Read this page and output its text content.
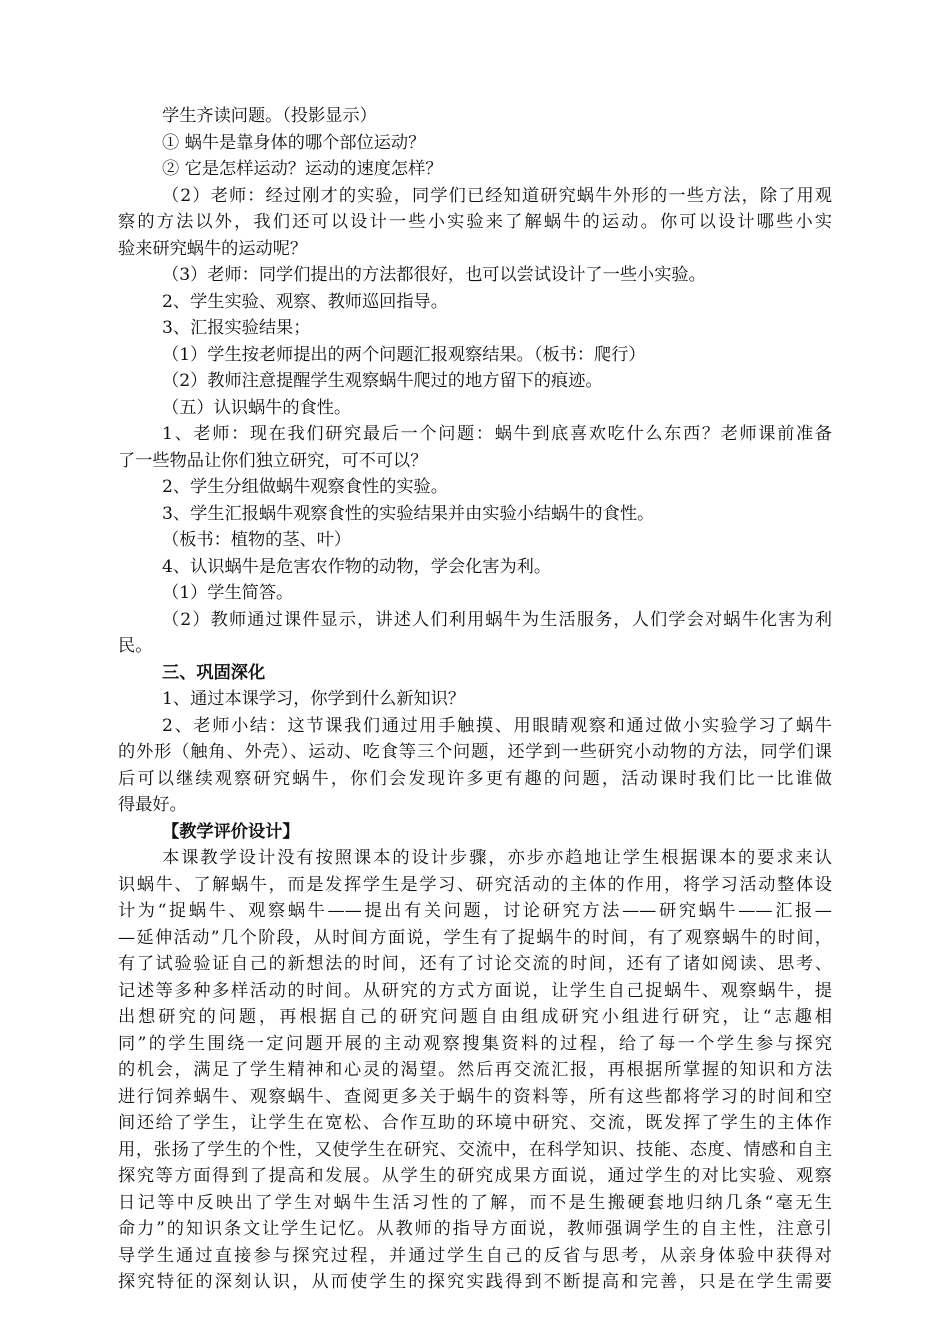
学生齐读问题。（投影显示）
① 蜗牛是靠身体的哪个部位运动？
② 它是怎样运动？运动的速度怎样？
（2）老师：经过刚才的实验，同学们已经知道研究蜗牛外形的一些方法，除了用观
察的方法以外，我们还可以设计一些小实验来了解蜗牛的运动。你可以设计哪些小实
验来研究蜗牛的运动呢？
（3）老师：同学们提出的方法都很好，也可以尝试设计了一些小实验。
2、学生实验、观察、教师巡回指导。
3、汇报实验结果；
（1）学生按老师提出的两个问题汇报观察结果。（板书：爬行）
（2）教师注意提醒学生观察蜗牛爬过的地方留下的痕迹。
（五）认识蜗牛的食性。
1、老师：现在我们研究最后一个问题：蜗牛到底喜欢吃什么东西？老师课前准备
了一些物品让你们独立研究，可不可以？
2、学生分组做蜗牛观察食性的实验。
3、学生汇报蜗牛观察食性的实验结果并由实验小结蜗牛的食性。
（板书：植物的茎、叶）
4、认识蜗牛是危害农作物的动物，学会化害为利。
（1）学生简答。
（2）教师通过课件显示，讲述人们利用蜗牛为生活服务，人们学会对蜗牛化害为利
民。
三、巩固深化
1、通过本课学习，你学到什么新知识？
2、老师小结：这节课我们通过用手触摸、用眼睛观察和通过做小实验学习了蜗牛
的外形（触角、外壳）、运动、吃食等三个问题，还学到一些研究小动物的方法，同学们课
后可以继续观察研究蜗牛，你们会发现许多更有趣的问题，活动课时我们比一比谁做
得最好。
【教学评价设计】
本课教学设计没有按照课本的设计步骤，亦步亦趋地让学生根据课本的要求来认
识蜗牛、了解蜗牛，而是发挥学生是学习、研究活动的主体的作用，将学习活动整体设
计为“捉蜗牛、观察蜗牛——提出有关问题，讨论研究方法——研究蜗牛——汇报—
—延伸活动”几个阶段，从时间方面说，学生有了捉蜗牛的时间，有了观察蜗牛的时间，
有了试验验证自己的新想法的时间，还有了讨论交流的时间，还有了诸如阅读、思考、
记述等多种多样活动的时间。从研究的方式方面说，让学生自己捉蜗牛、观察蜗牛，提
出想研究的问题，再根据自己的研究问题自由组成研究小组进行研究，让“志趣相
同”的学生围绕一定问题开展的主动观察搜集资料的过程，给了每一个学生参与探究
的机会，满足了学生精神和心灵的渴望。然后再交流汇报，再根据所掌握的知识和方法
进行饲养蜗牛、观察蜗牛、查阅更多关于蜗牛的资料等，所有这些都将学习的时间和空
间还给了学生，让学生在宽松、合作互助的环境中研究、交流，既发挥了学生的主体作
用，张扬了学生的个性，又使学生在研究、交流中，在科学知识、技能、态度、情感和自主
探究等方面得到了提高和发展。从学生的研究成果方面说，通过学生的对比实验、观察
日记等中反映出了学生对蜗牛生活习性的了解，而不是生搬硬套地归纳几条“毫无生
命力”的知识条文让学生记忆。从教师的指导方面说，教师强调学生的自主性，注意引
导学生通过直接参与探究过程，并通过学生自己的反省与思考，从亲身体验中获得对
探究特征的深刻认识，从而使学生的探究实践得到不断提高和完善，只是在学生需要
